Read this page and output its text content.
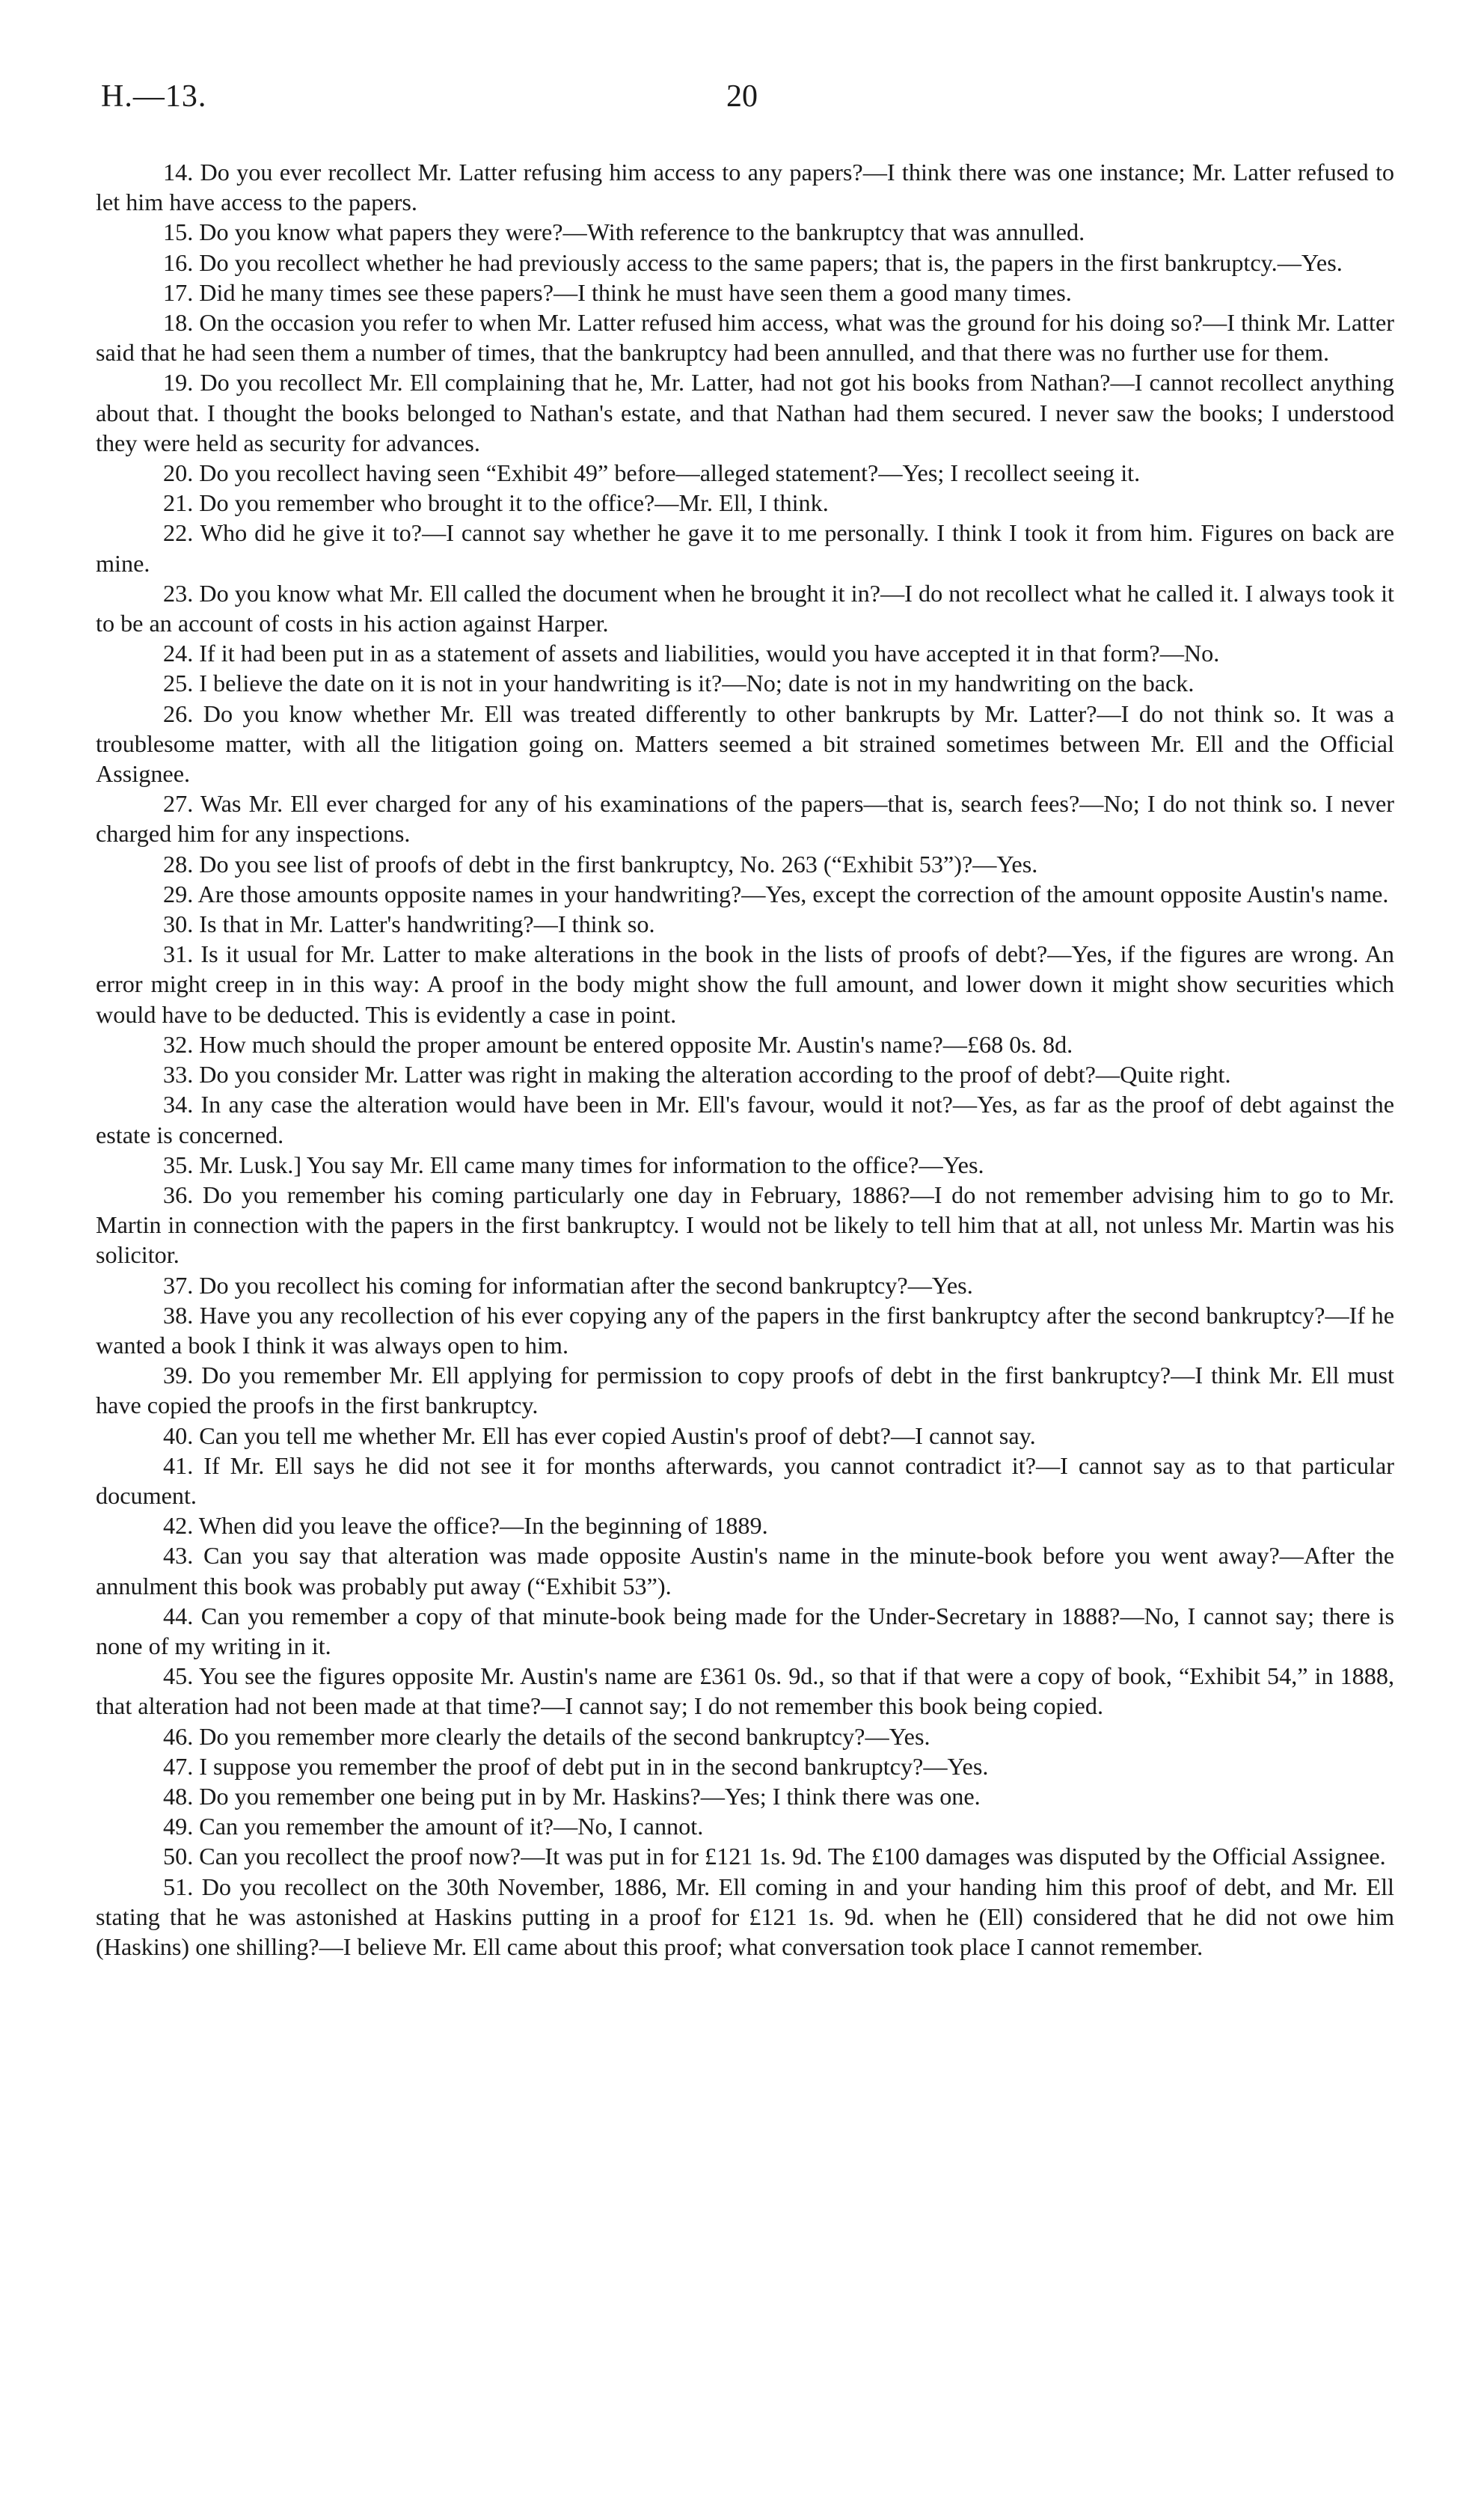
H.—13.	20

14. Do you ever recollect Mr. Latter refusing him access to any papers?—I think there was one instance; Mr. Latter refused to let him have access to the papers.

15. Do you know what papers they were?—With reference to the bankruptcy that was annulled.

16. Do you recollect whether he had previously access to the same papers; that is, the papers in the first bankruptcy.—Yes.

17. Did he many times see these papers?—I think he must have seen them a good many times.

18. On the occasion you refer to when Mr. Latter refused him access, what was the ground for his doing so?—I think Mr. Latter said that he had seen them a number of times, that the bankruptcy had been annulled, and that there was no further use for them.

19. Do you recollect Mr. Ell complaining that he, Mr. Latter, had not got his books from Nathan?—I cannot recollect anything about that. I thought the books belonged to Nathan's estate, and that Nathan had them secured. I never saw the books; I understood they were held as security for advances.

20. Do you recollect having seen “Exhibit 49” before—alleged statement?—Yes; I recollect seeing it.

21. Do you remember who brought it to the office?—Mr. Ell, I think.

22. Who did he give it to?—I cannot say whether he gave it to me personally. I think I took it from him. Figures on back are mine.

23. Do you know what Mr. Ell called the document when he brought it in?—I do not recollect what he called it. I always took it to be an account of costs in his action against Harper.

24. If it had been put in as a statement of assets and liabilities, would you have accepted it in that form?—No.

25. I believe the date on it is not in your handwriting is it?—No; date is not in my handwriting on the back.

26. Do you know whether Mr. Ell was treated differently to other bankrupts by Mr. Latter?—I do not think so. It was a troublesome matter, with all the litigation going on. Matters seemed a bit strained sometimes between Mr. Ell and the Official Assignee.

27. Was Mr. Ell ever charged for any of his examinations of the papers—that is, search fees?—No; I do not think so. I never charged him for any inspections.

28. Do you see list of proofs of debt in the first bankruptcy, No. 263 (“Exhibit 53”)?—Yes.

29. Are those amounts opposite names in your handwriting?—Yes, except the correction of the amount opposite Austin's name.

30. Is that in Mr. Latter's handwriting?—I think so.

31. Is it usual for Mr. Latter to make alterations in the book in the lists of proofs of debt?—Yes, if the figures are wrong. An error might creep in in this way: A proof in the body might show the full amount, and lower down it might show securities which would have to be deducted. This is evidently a case in point.

32. How much should the proper amount be entered opposite Mr. Austin's name?—£68 0s. 8d.

33. Do you consider Mr. Latter was right in making the alteration according to the proof of debt?—Quite right.

34. In any case the alteration would have been in Mr. Ell's favour, would it not?—Yes, as far as the proof of debt against the estate is concerned.

35. Mr. Lusk.] You say Mr. Ell came many times for information to the office?—Yes.

36. Do you remember his coming particularly one day in February, 1886?—I do not remember advising him to go to Mr. Martin in connection with the papers in the first bankruptcy. I would not be likely to tell him that at all, not unless Mr. Martin was his solicitor.

37. Do you recollect his coming for informatian after the second bankruptcy?—Yes.

38. Have you any recollection of his ever copying any of the papers in the first bankruptcy after the second bankruptcy?—If he wanted a book I think it was always open to him.

39. Do you remember Mr. Ell applying for permission to copy proofs of debt in the first bankruptcy?—I think Mr. Ell must have copied the proofs in the first bankruptcy.

40. Can you tell me whether Mr. Ell has ever copied Austin's proof of debt?—I cannot say.

41. If Mr. Ell says he did not see it for months afterwards, you cannot contradict it?—I cannot say as to that particular document.

42. When did you leave the office?—In the beginning of 1889.

43. Can you say that alteration was made opposite Austin's name in the minute-book before you went away?—After the annulment this book was probably put away (“Exhibit 53”).

44. Can you remember a copy of that minute-book being made for the Under-Secretary in 1888?—No, I cannot say; there is none of my writing in it.

45. You see the figures opposite Mr. Austin's name are £361 0s. 9d., so that if that were a copy of book, “Exhibit 54,” in 1888, that alteration had not been made at that time?—I cannot say; I do not remember this book being copied.

46. Do you remember more clearly the details of the second bankruptcy?—Yes.

47. I suppose you remember the proof of debt put in in the second bankruptcy?—Yes.

48. Do you remember one being put in by Mr. Haskins?—Yes; I think there was one.

49. Can you remember the amount of it?—No, I cannot.

50. Can you recollect the proof now?—It was put in for £121 1s. 9d. The £100 damages was disputed by the Official Assignee.

51. Do you recollect on the 30th November, 1886, Mr. Ell coming in and your handing him this proof of debt, and Mr. Ell stating that he was astonished at Haskins putting in a proof for £121 1s. 9d. when he (Ell) considered that he did not owe him (Haskins) one shilling?—I believe Mr. Ell came about this proof; what conversation took place I cannot remember.
